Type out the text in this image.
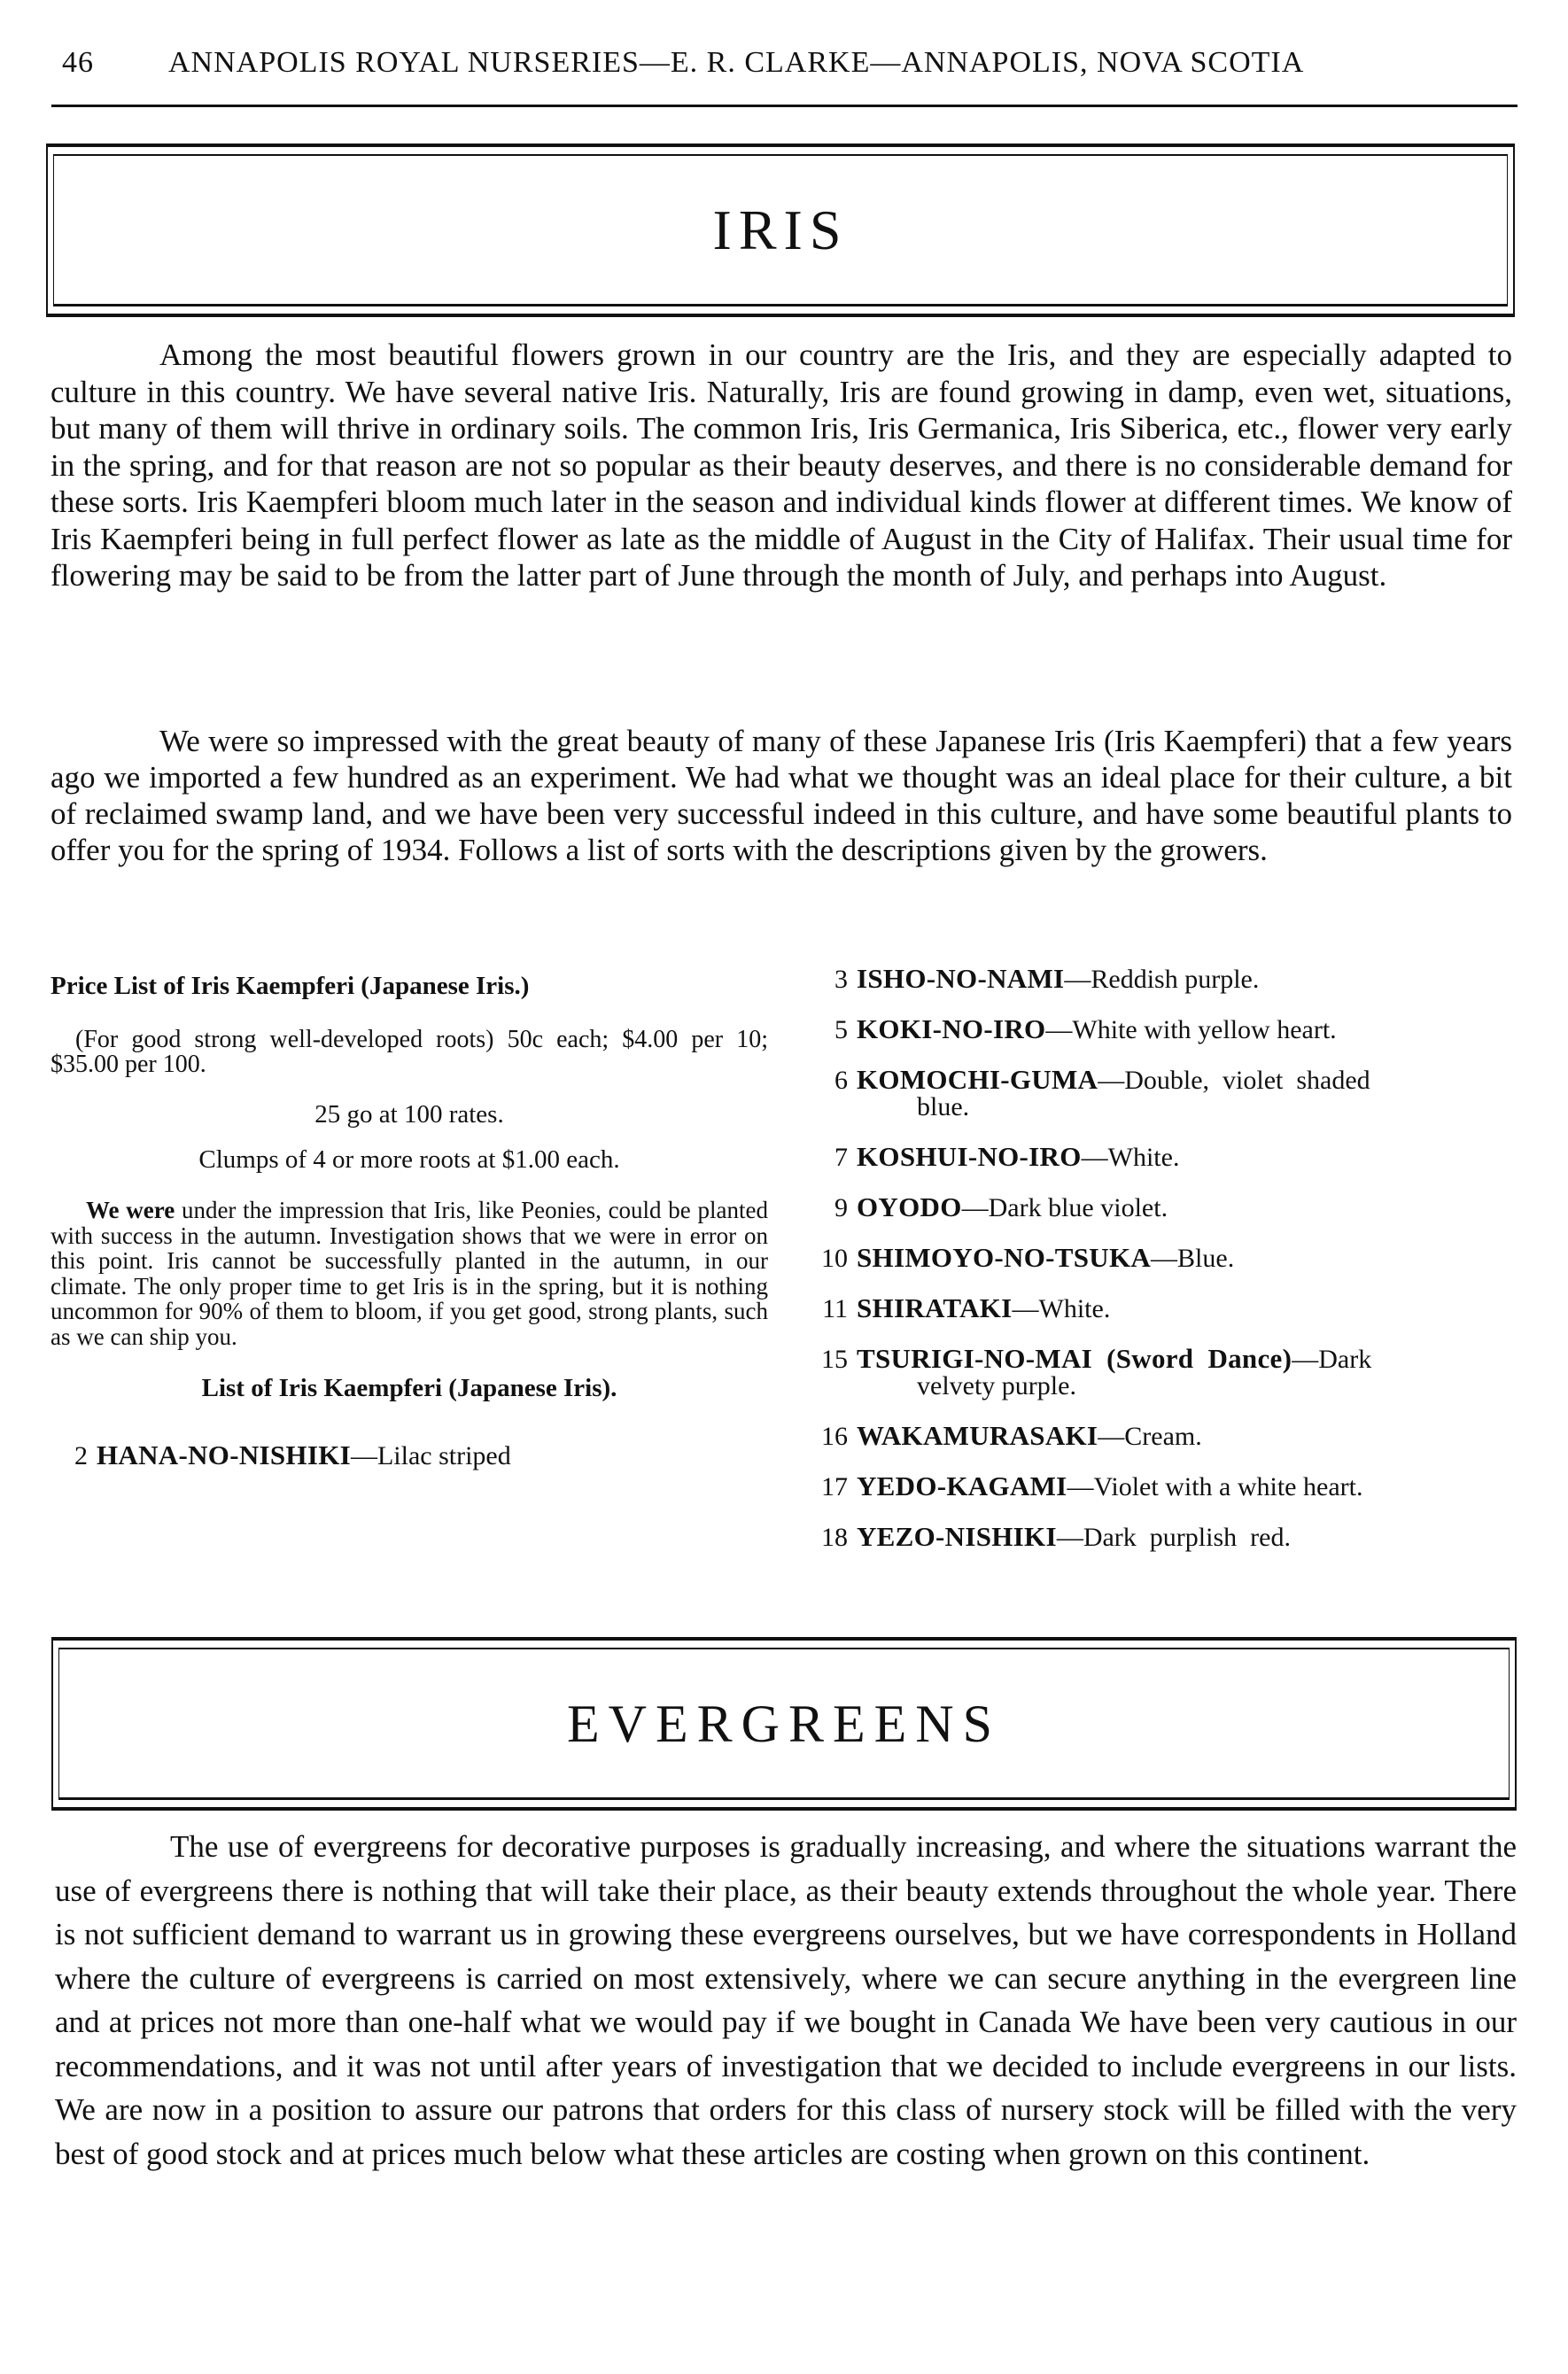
46 ANNAPOLIS ROYAL NURSERIES—E. R. CLARKE—ANNAPOLIS, NOVA SCOTIA
IRIS
Among the most beautiful flowers grown in our country are the Iris, and they are especially adapted to culture in this country. We have several native Iris. Naturally, Iris are found growing in damp, even wet, situations, but many of them will thrive in ordinary soils. The common Iris, Iris Germanica, Iris Siberica, etc., flower very early in the spring, and for that reason are not so popular as their beauty deserves, and there is no considerable demand for these sorts. Iris Kaempferi bloom much later in the season and individual kinds flower at different times. We know of Iris Kaempferi being in full perfect flower as late as the middle of August in the City of Halifax. Their usual time for flowering may be said to be from the latter part of June through the month of July, and perhaps into August.
We were so impressed with the great beauty of many of these Japanese Iris (Iris Kaempferi) that a few years ago we imported a few hundred as an experiment. We had what we thought was an ideal place for their culture, a bit of reclaimed swamp land, and we have been very successful indeed in this culture, and have some beautiful plants to offer you for the spring of 1934. Follows a list of sorts with the descriptions given by the growers.
Price List of Iris Kaempferi (Japanese Iris.)
(For good strong well-developed roots) 50c each; $4.00 per 10; $35.00 per 100.
25 go at 100 rates.
Clumps of 4 or more roots at $1.00 each.
We were under the impression that Iris, like Peonies, could be planted with success in the autumn. Investigation shows that we were in error on this point. Iris cannot be successfully planted in the autumn, in our climate. The only proper time to get Iris is in the spring, but it is nothing uncommon for 90% of them to bloom, if you get good, strong plants, such as we can ship you.
List of Iris Kaempferi (Japanese Iris).
2 HANA-NO-NISHIKI—Lilac striped
3 ISHO-NO-NAMI—Reddish purple.
5 KOKI-NO-IRO—White with yellow heart.
6 KOMOCHI-GUMA—Double,  violet  shaded
blue.
7 KOSHUI-NO-IRO—White.
9 OYODO—Dark blue violet.
10 SHIMOYO-NO-TSUKA—Blue.
11 SHIRATAKI—White.
15 TSURIGI-NO-MAI  (Sword  Dance)—Dark
velvety purple.
16 WAKAMURASAKI—Cream.
17 YEDO-KAGAMI—Violet with a white heart.
18 YEZO-NISHIKI—Dark  purplish  red.
EVERGREENS
The use of evergreens for decorative purposes is gradually increasing, and where the situations warrant the use of evergreens there is nothing that will take their place, as their beauty extends throughout the whole year. There is not sufficient demand to warrant us in growing these evergreens ourselves, but we have correspondents in Holland where the culture of evergreens is carried on most extensively, where we can secure anything in the evergreen line and at prices not more than one-half what we would pay if we bought in Canada We have been very cautious in our recommendations, and it was not until after years of investigation that we decided to include evergreens in our lists. We are now in a position to assure our patrons that orders for this class of nursery stock will be filled with the very best of good stock and at prices much below what these articles are costing when grown on this continent.
